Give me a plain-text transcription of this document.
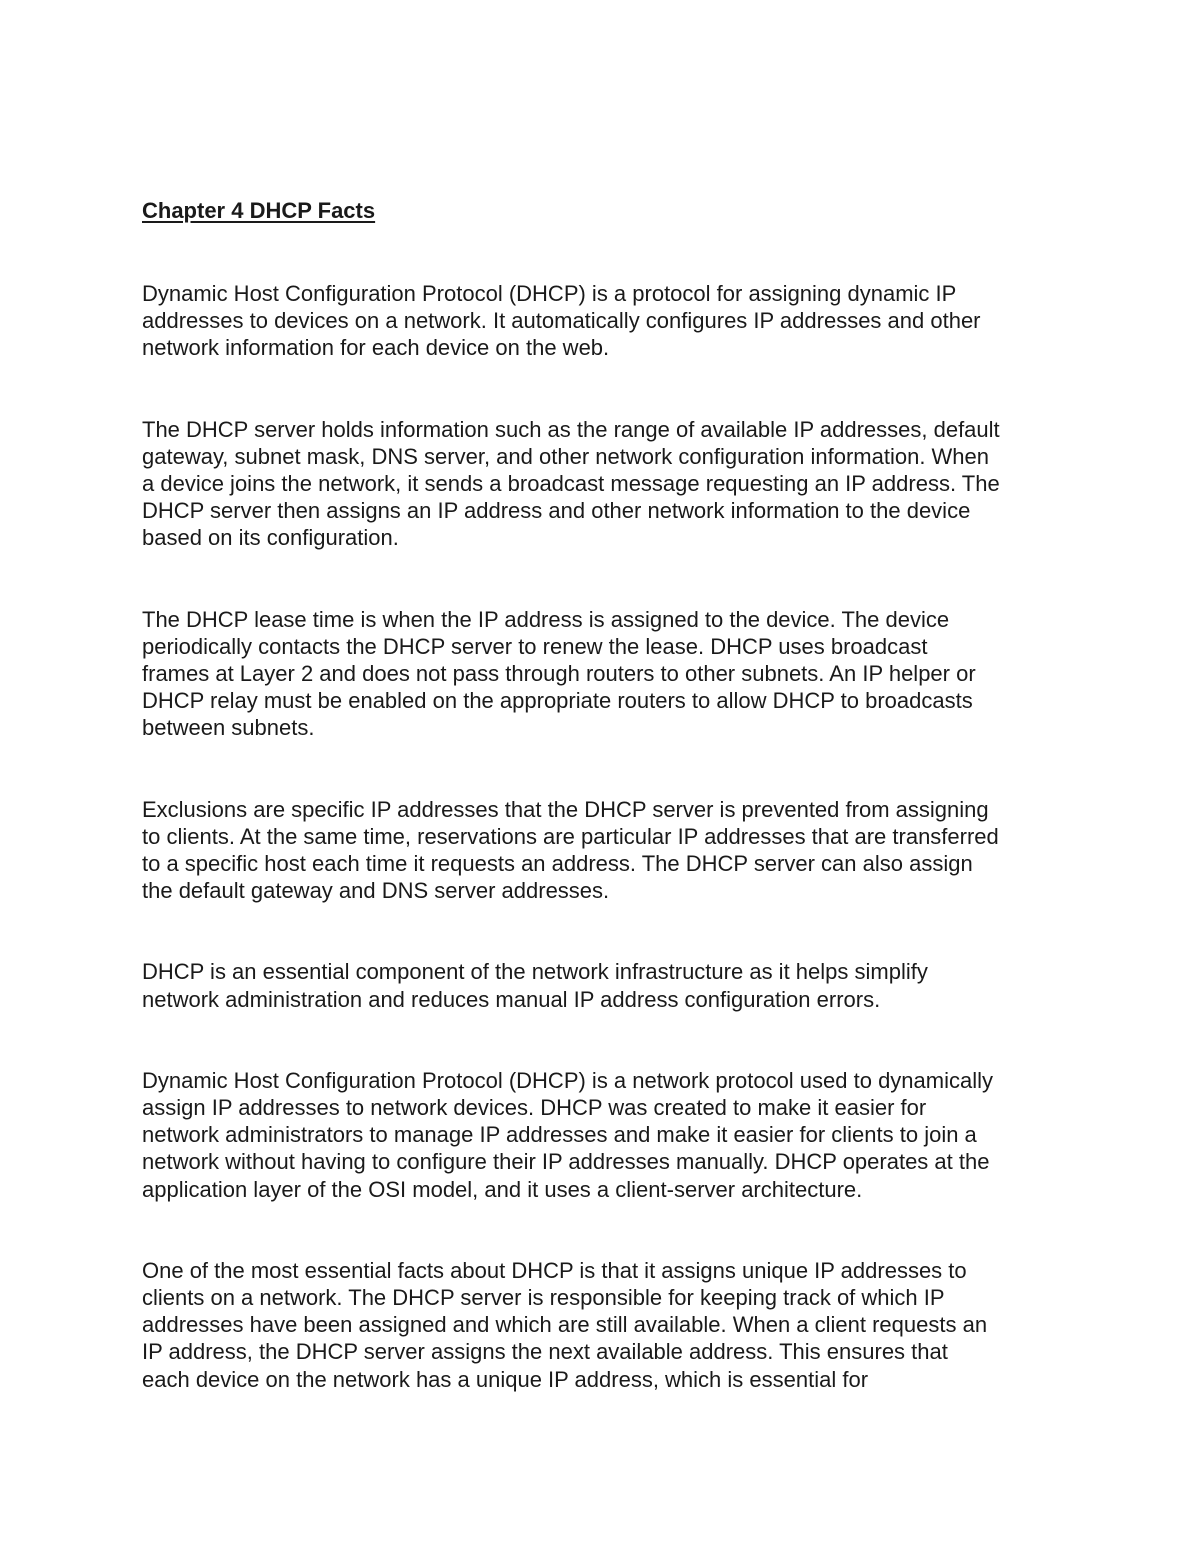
Chapter 4 DHCP Facts
Dynamic Host Configuration Protocol (DHCP) is a protocol for assigning dynamic IP
addresses to devices on a network. It automatically configures IP addresses and other
network information for each device on the web.
The DHCP server holds information such as the range of available IP addresses, default
gateway, subnet mask, DNS server, and other network configuration information. When
a device joins the network, it sends a broadcast message requesting an IP address. The
DHCP server then assigns an IP address and other network information to the device
based on its configuration.
The DHCP lease time is when the IP address is assigned to the device. The device
periodically contacts the DHCP server to renew the lease. DHCP uses broadcast
frames at Layer 2 and does not pass through routers to other subnets. An IP helper or
DHCP relay must be enabled on the appropriate routers to allow DHCP to broadcasts
between subnets.
Exclusions are specific IP addresses that the DHCP server is prevented from assigning
to clients. At the same time, reservations are particular IP addresses that are transferred
to a specific host each time it requests an address. The DHCP server can also assign
the default gateway and DNS server addresses.
DHCP is an essential component of the network infrastructure as it helps simplify
network administration and reduces manual IP address configuration errors.
Dynamic Host Configuration Protocol (DHCP) is a network protocol used to dynamically
assign IP addresses to network devices. DHCP was created to make it easier for
network administrators to manage IP addresses and make it easier for clients to join a
network without having to configure their IP addresses manually. DHCP operates at the
application layer of the OSI model, and it uses a client-server architecture.
One of the most essential facts about DHCP is that it assigns unique IP addresses to
clients on a network. The DHCP server is responsible for keeping track of which IP
addresses have been assigned and which are still available. When a client requests an
IP address, the DHCP server assigns the next available address. This ensures that
each device on the network has a unique IP address, which is essential for
